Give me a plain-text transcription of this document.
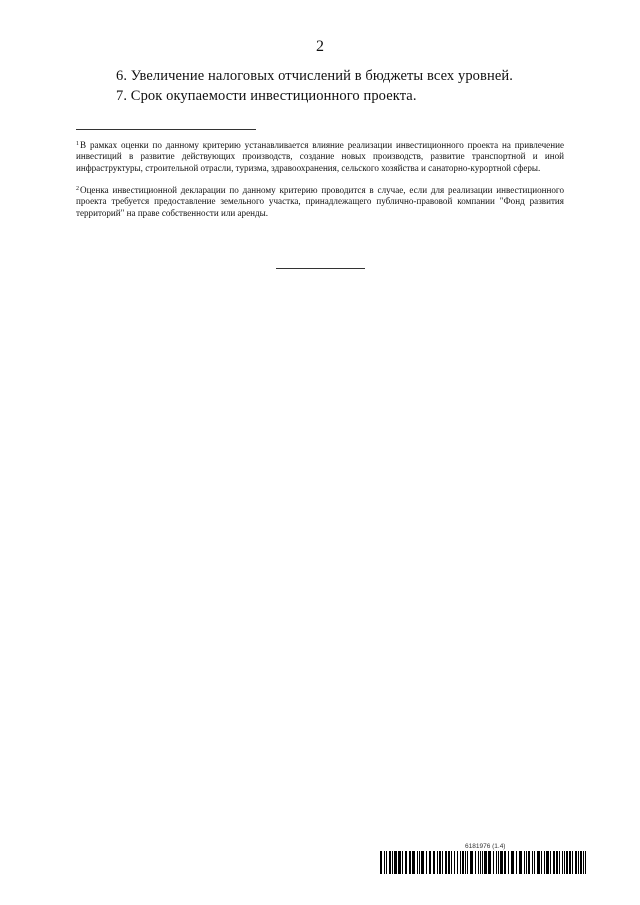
2
6. Увеличение налоговых отчислений в бюджеты всех уровней.
7. Срок окупаемости инвестиционного проекта.
$^1$В рамках оценки по данному критерию устанавливается влияние реализации инвестиционного проекта на привлечение инвестиций в развитие действующих производств, создание новых производств, развитие транспортной и иной инфраструктуры, строительной отрасли, туризма, здравоохранения, сельского хозяйства и санаторно-курортной сферы.
$^2$Оценка инвестиционной декларации по данному критерию проводится в случае, если для реализации инвестиционного проекта требуется предоставление земельного участка, принадлежащего публично-правовой компании "Фонд развития территорий" на праве собственности или аренды.
6181976 (1.4)
